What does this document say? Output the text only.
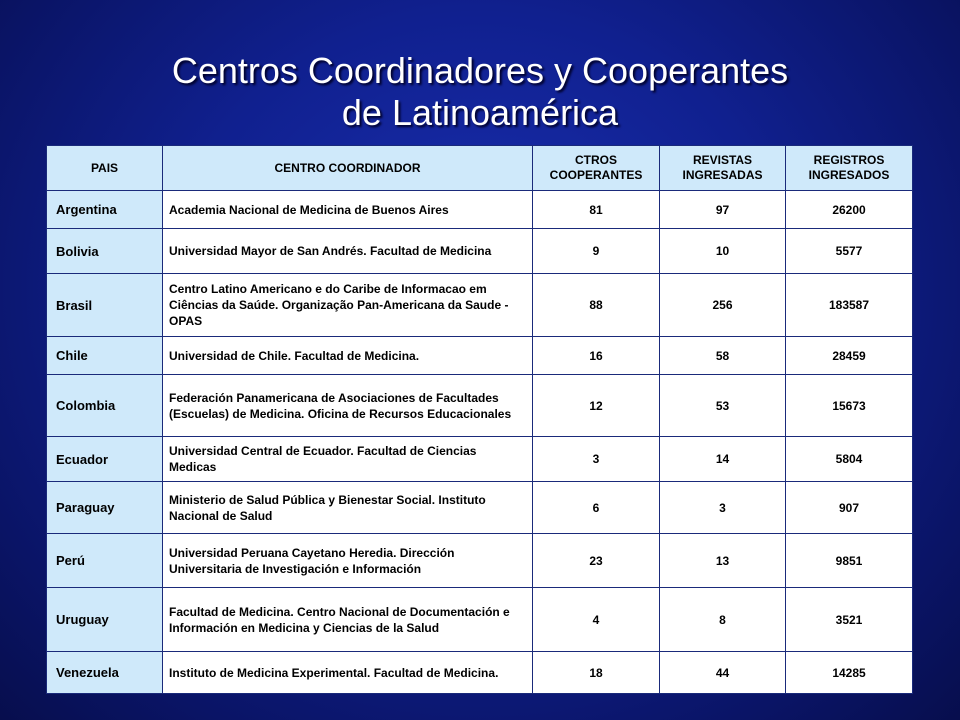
Centros Coordinadores y Cooperantes
de Latinoamérica
PAIS	CENTRO COORDINADOR	CTROS COOPERANTES	REVISTAS INGRESADAS	REGISTROS INGRESADOS
Argentina	Academia Nacional de Medicina de Buenos Aires	81	97	26200
Bolivia	Universidad Mayor de San Andrés. Facultad de Medicina	9	10	5577
Brasil	Centro Latino Americano e do Caribe de Informacao em Ciências da Saúde. Organização Pan-Americana da Saude - OPAS	88	256	183587
Chile	Universidad de Chile. Facultad de Medicina.	16	58	28459
Colombia	Federación Panamericana de Asociaciones de Facultades (Escuelas) de Medicina. Oficina de Recursos Educacionales	12	53	15673
Ecuador	Universidad Central de Ecuador. Facultad de Ciencias Medicas	3	14	5804
Paraguay	Ministerio de Salud Pública y Bienestar Social. Instituto Nacional de Salud	6	3	907
Perú	Universidad Peruana Cayetano Heredia. Dirección Universitaria de Investigación e Información	23	13	9851
Uruguay	Facultad de Medicina. Centro Nacional de Documentación e Información en Medicina y Ciencias de la Salud	4	8	3521
Venezuela	Instituto de Medicina Experimental. Facultad de Medicina.	18	44	14285
